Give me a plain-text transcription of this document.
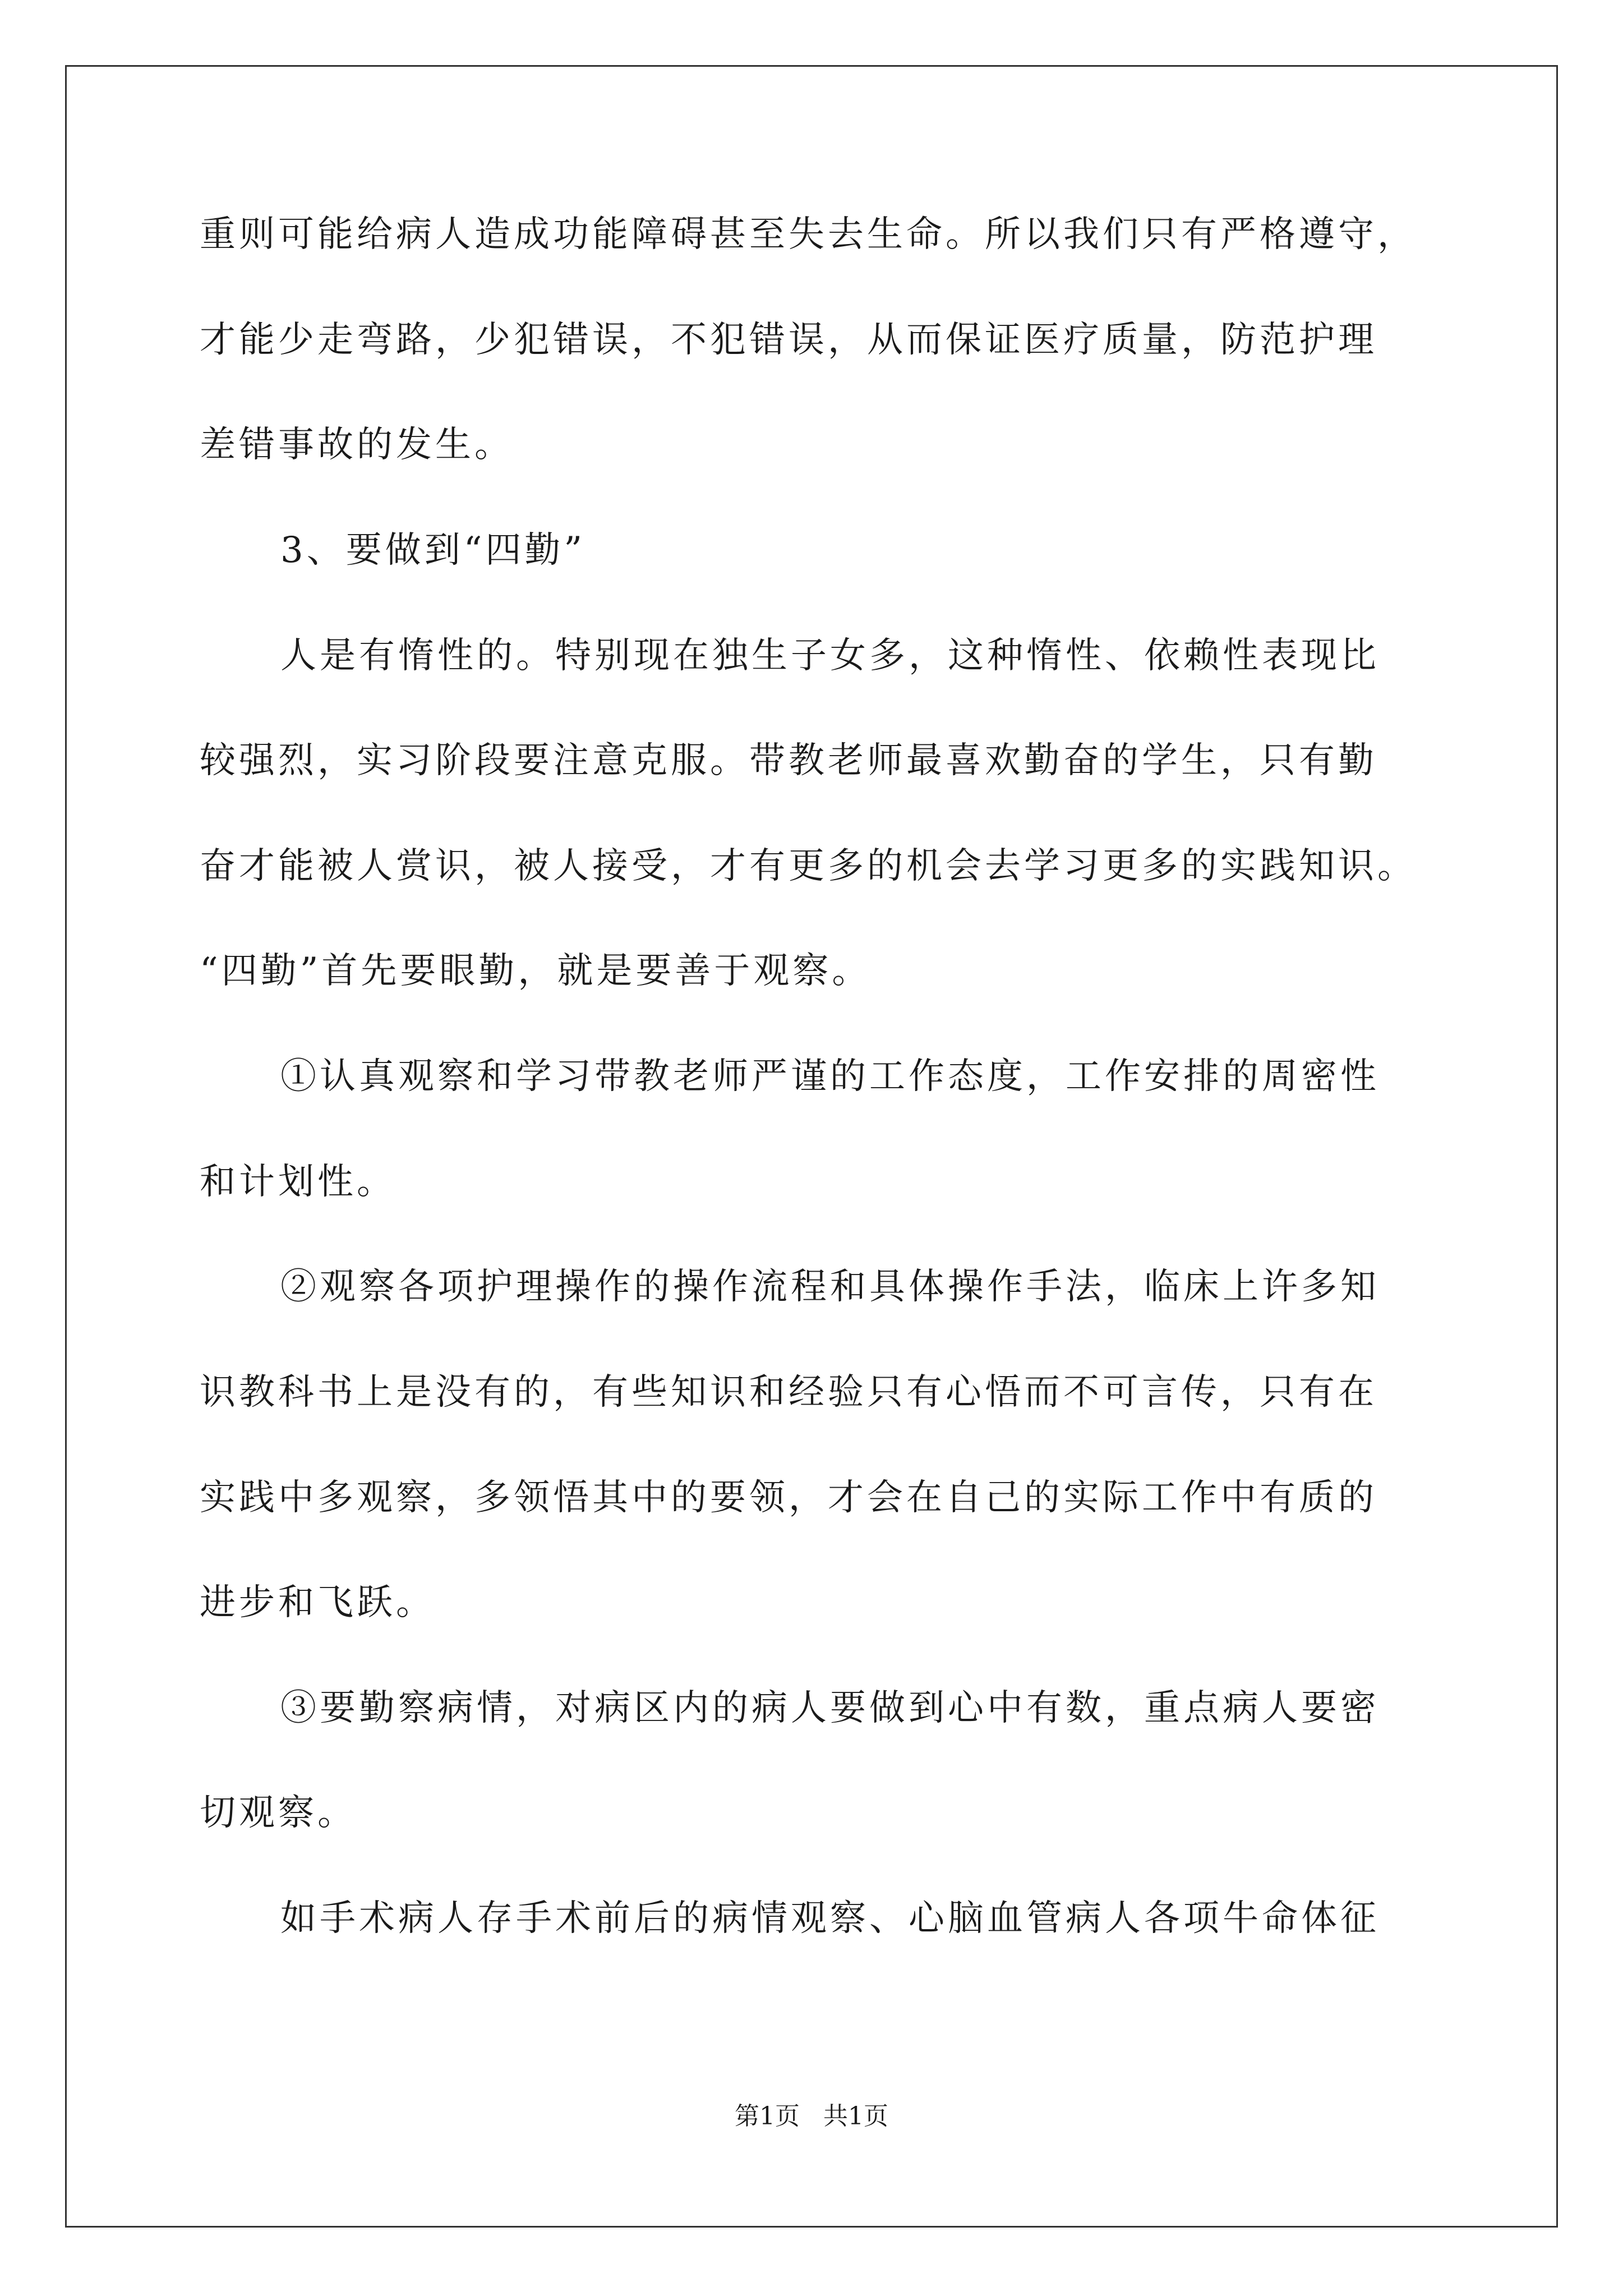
重则可能给病人造成功能障碍甚至失去生命。所以我们只有严格遵守，
才能少走弯路，少犯错误，不犯错误，从而保证医疗质量，防范护理
差错事故的发生。
3、要做到“四勤”
人是有惰性的。特别现在独生子女多，这种惰性、依赖性表现比
较强烈，实习阶段要注意克服。带教老师最喜欢勤奋的学生，只有勤
奋才能被人赏识，被人接受，才有更多的机会去学习更多的实践知识。
“四勤”首先要眼勤，就是要善于观察。
①认真观察和学习带教老师严谨的工作态度，工作安排的周密性
和计划性。
②观察各项护理操作的操作流程和具体操作手法，临床上许多知
识教科书上是没有的，有些知识和经验只有心悟而不可言传，只有在
实践中多观察，多领悟其中的要领，才会在自己的实际工作中有质的
进步和飞跃。
③要勤察病情，对病区内的病人要做到心中有数，重点病人要密
切观察。
如手术病人存手术前后的病情观察、心脑血管病人各项牛命体征
第1页   共1页
